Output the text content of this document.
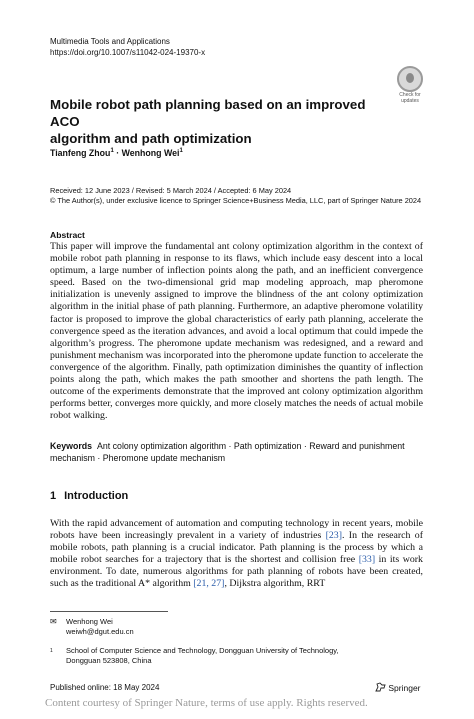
Multimedia Tools and Applications
https://doi.org/10.1007/s11042-024-19370-x
Check for
updates
Mobile robot path planning based on an improved ACO
algorithm and path optimization
Tianfeng Zhou$^1$ · Wenhong Wei$^1$
Received: 12 June 2023 / Revised: 5 March 2024 / Accepted: 6 May 2024
© The Author(s), under exclusive licence to Springer Science+Business Media, LLC, part of Springer Nature 2024
Abstract
This paper will improve the fundamental ant colony optimization algorithm in the context of mobile robot path planning in response to its flaws, which include easy descent into a local optimum, a large number of inflection points along the path, and an inefficient convergence speed. Based on the two-dimensional grid map modeling approach, map pheromone initialization is unevenly assigned to improve the blindness of the ant colony optimization algorithm in the initial phase of path planning. Furthermore, an adaptive pheromone volatility factor is proposed to improve the global characteristics of early path planning, accelerate the convergence speed as the iteration advances, and avoid a local optimum that could impede the algorithm’s progress. The pheromone update mechanism was redesigned, and a reward and punishment mechanism was incorporated into the pheromone update function to accelerate the convergence of the algorithm. Finally, path optimization diminishes the quantity of inflection points along the path, which makes the path smoother and shortens the path length. The outcome of the experiments demonstrate that the improved ant colony optimization algorithm performs better, converges more quickly, and more closely matches the needs of actual mobile robot walking.
Keywords Ant colony optimization algorithm · Path optimization · Reward and punishment mechanism · Pheromone update mechanism
1 Introduction
With the rapid advancement of automation and computing technology in recent years, mobile robots have been increasingly prevalent in a variety of industries [23]. In the research of mobile robots, path planning is a crucial indicator. Path planning is the process by which a mobile robot searches for a trajectory that is the shortest and collision free [33] in its work environment. To date, numerous algorithms for path planning of robots have been created, such as the traditional A* algorithm [21, 27], Dijkstra algorithm, RRT
✉ Wenhong Wei
weiwh@dgut.edu.cn
$^1$ School of Computer Science and Technology, Dongguan University of Technology,
Dongguan 523808, China
Published online: 18 May 2024	Springer
Content courtesy of Springer Nature, terms of use apply. Rights reserved.
